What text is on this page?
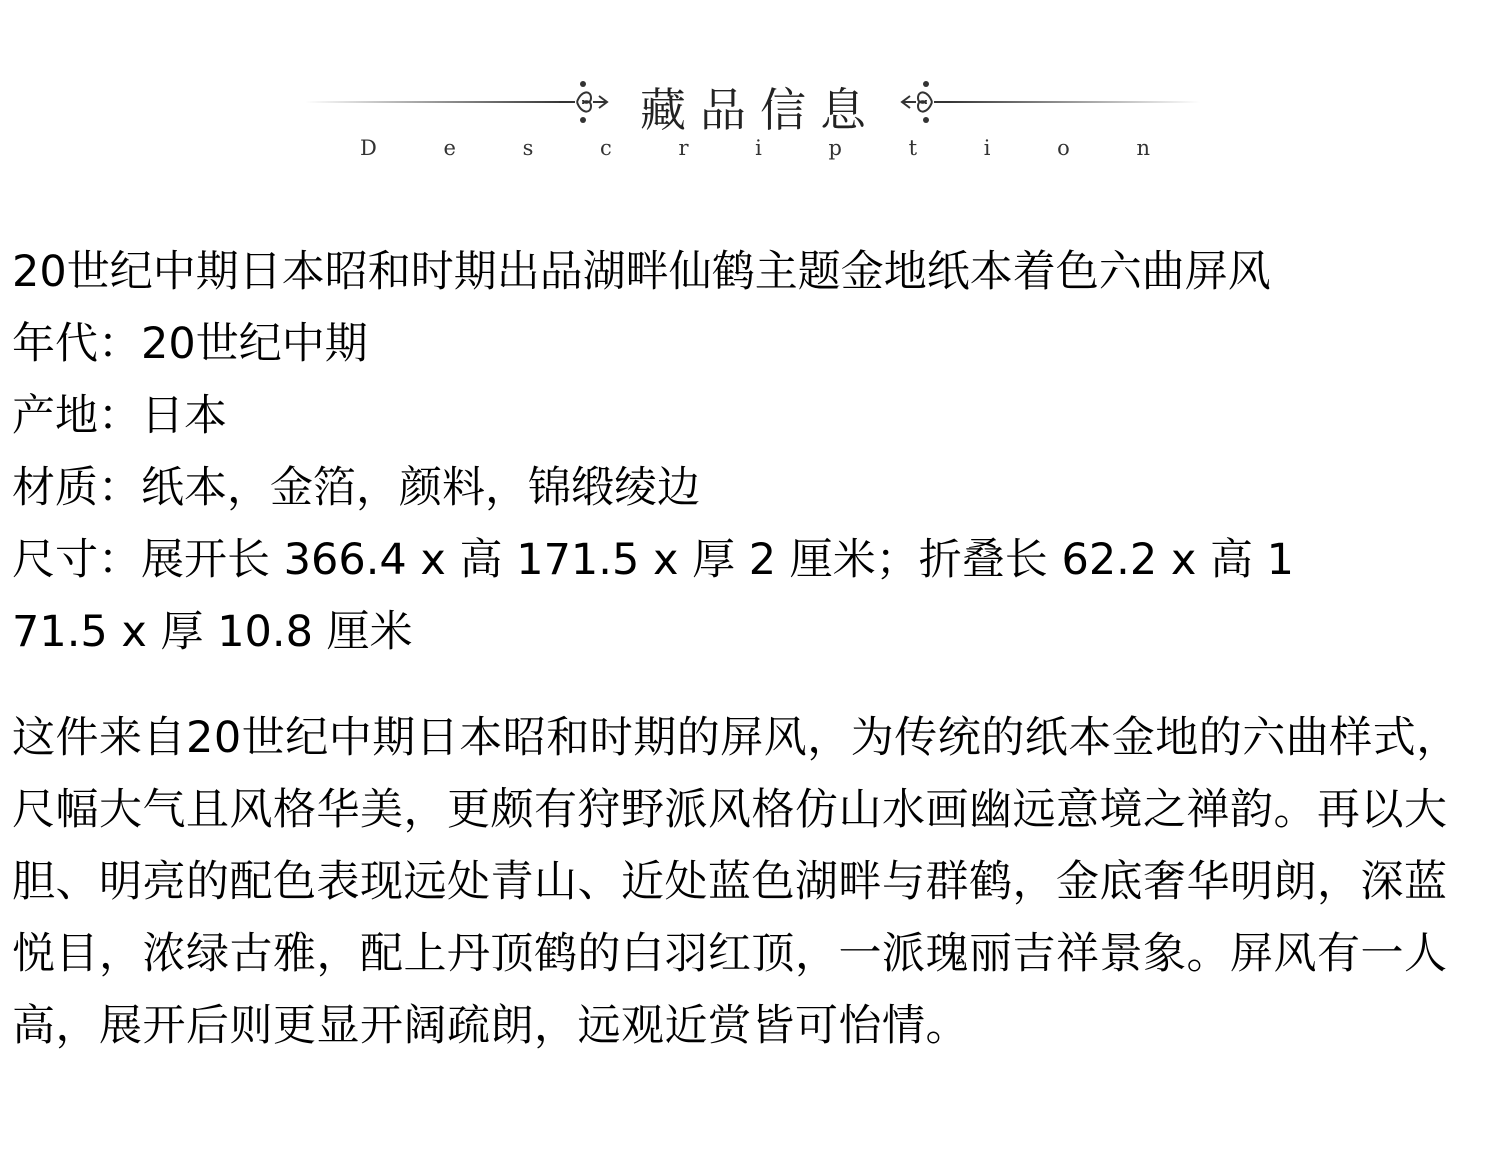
藏品信息
D	e	s	c	r	i	p	t	i	o	n
20世纪中期日本昭和时期出品湖畔仙鹤主题金地纸本着色六曲屏风
年代：20世纪中期
产地：日本
材质：纸本，金箔，颜料，锦缎绫边
尺寸：展开长 366.4 x 高 171.5 x 厚 2 厘米；折叠长 62.2 x 高 1
71.5 x 厚 10.8 厘米
这件来自20世纪中期日本昭和时期的屏风，为传统的纸本金地的六曲样式，尺幅大气且风格华美，更颇有狩野派风格仿山水画幽远意境之禅韵。再以大胆、明亮的配色表现远处青山、近处蓝色湖畔与群鹤，金底奢华明朗，深蓝悦目，浓绿古雅，配上丹顶鹤的白羽红顶，一派瑰丽吉祥景象。屏风有一人高，展开后则更显开阔疏朗，远观近赏皆可怡情。
